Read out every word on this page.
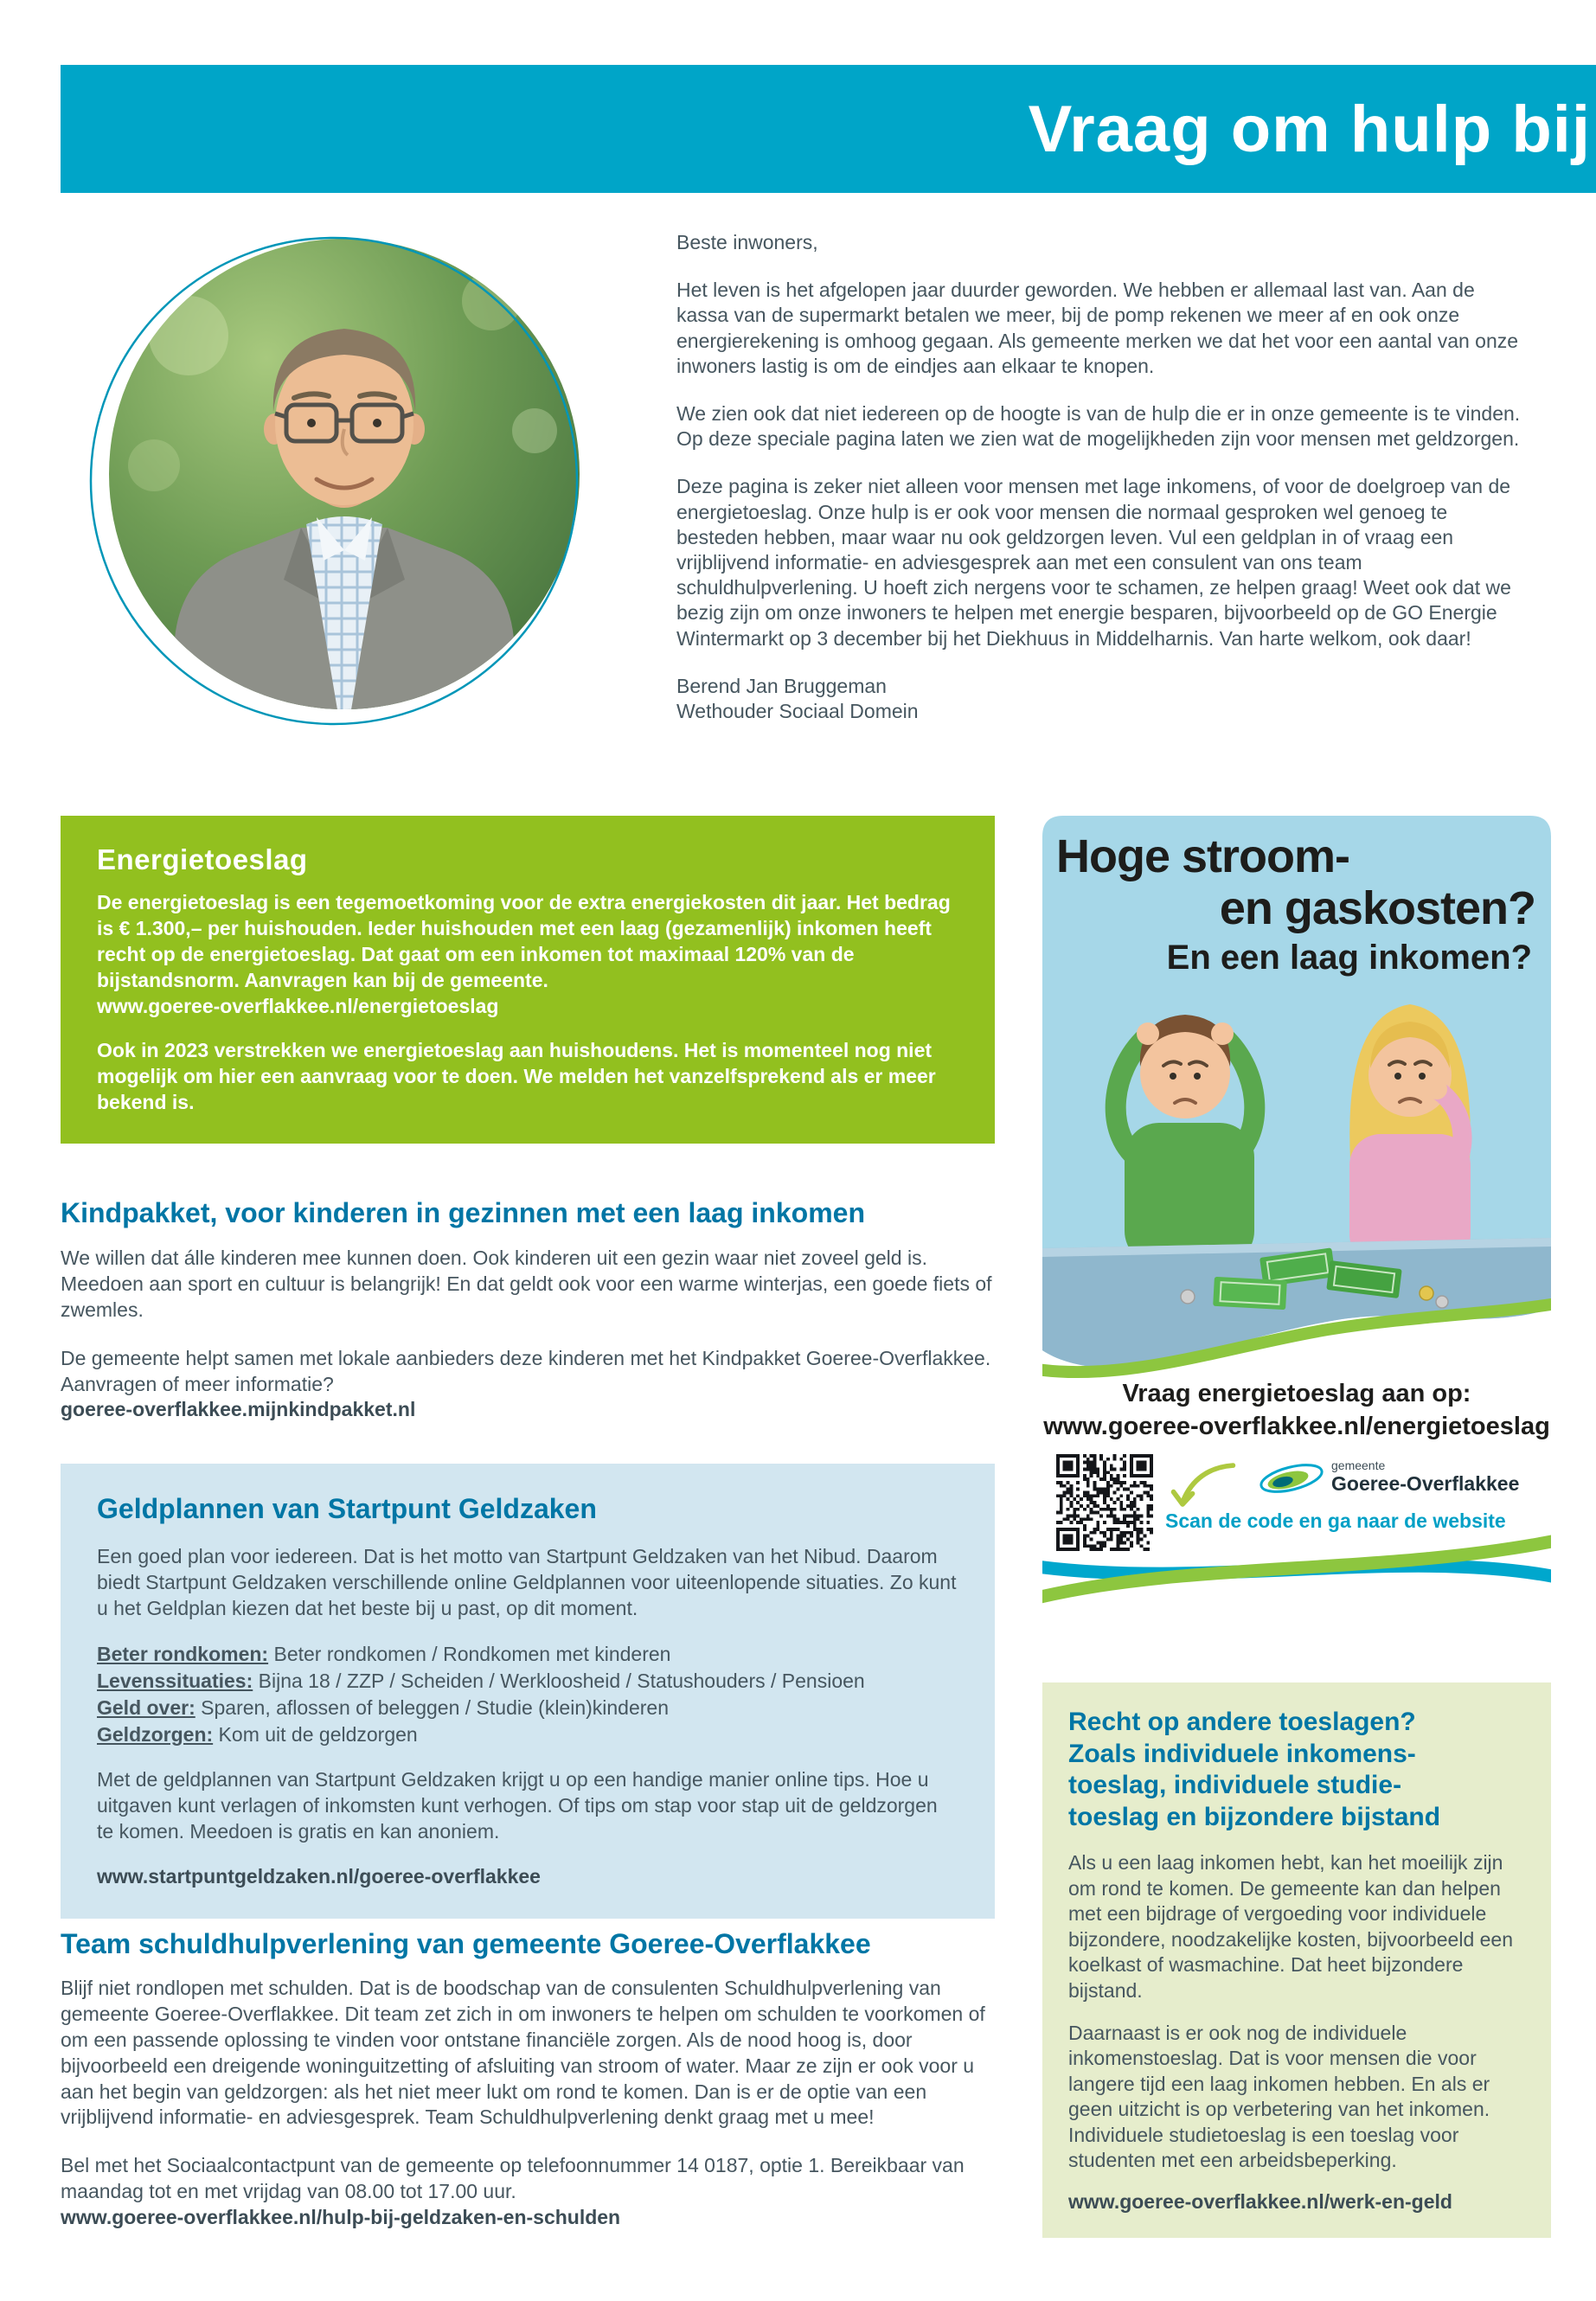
Vraag om hulp bij

Beste inwoners,

Het leven is het afgelopen jaar duurder geworden. We hebben er allemaal last van. Aan de kassa van de supermarkt betalen we meer, bij de pomp rekenen we meer af en ook onze energierekening is omhoog gegaan. Als gemeente merken we dat het voor een aantal van onze inwoners lastig is om de eindjes aan elkaar te knopen.

We zien ook dat niet iedereen op de hoogte is van de hulp die er in onze gemeente is te vinden. Op deze speciale pagina laten we zien wat de mogelijkheden zijn voor mensen met geldzorgen.

Deze pagina is zeker niet alleen voor mensen met lage inkomens, of voor de doelgroep van de energietoeslag. Onze hulp is er ook voor mensen die normaal gesproken wel genoeg te besteden hebben, maar waar nu ook geldzorgen leven. Vul een geldplan in of vraag een vrijblijvend informatie- en adviesgesprek aan met een consulent van ons team schuldhulpverlening. U hoeft zich nergens voor te schamen, ze helpen graag! Weet ook dat we bezig zijn om onze inwoners te helpen met energie besparen, bijvoorbeeld op de GO Energie Wintermarkt op 3 december bij het Diekhuus in Middelharnis. Van harte welkom, ook daar!

Berend Jan Bruggeman
Wethouder Sociaal Domein
Energietoeslag

De energietoeslag is een tegemoetkoming voor de extra energiekosten dit jaar. Het bedrag is € 1.300,– per huishouden. Ieder huishouden met een laag (gezamenlijk) inkomen heeft recht op de energietoeslag. Dat gaat om een inkomen tot maximaal 120% van de bijstandsnorm. Aanvragen kan bij de gemeente.

www.goeree-overflakkee.nl/energietoeslag

Ook in 2023 verstrekken we energietoeslag aan huishoudens. Het is momenteel nog niet mogelijk om hier een aanvraag voor te doen. We melden het vanzelfsprekend als er meer bekend is.

Hoge stroom-
en gaskosten?
En een laag inkomen?
Vraag energietoeslag aan op:
www.goeree-overflakkee.nl/energietoeslag
gemeente
Goeree-Overflakkee
Scan de code en ga naar de website
Kindpakket, voor kinderen in gezinnen met een laag inkomen

We willen dat álle kinderen mee kunnen doen. Ook kinderen uit een gezin waar niet zoveel geld is. Meedoen aan sport en cultuur is belangrijk! En dat geldt ook voor een warme winterjas, een goede fiets of zwemles.

De gemeente helpt samen met lokale aanbieders deze kinderen met het Kindpakket Goeree-Overflakkee. Aanvragen of meer informatie?

goeree-overflakkee.mijnkindpakket.nl
Geldplannen van Startpunt Geldzaken

Een goed plan voor iedereen. Dat is het motto van Startpunt Geldzaken van het Nibud. Daarom biedt Startpunt Geldzaken verschillende online Geldplannen voor uiteenlopende situaties. Zo kunt u het Geldplan kiezen dat het beste bij u past, op dit moment.

Beter rondkomen: Beter rondkomen / Rondkomen met kinderen
Levenssituaties: Bijna 18 / ZZP / Scheiden / Werkloosheid / Statushouders / Pensioen
Geld over: Sparen, aflossen of beleggen / Studie (klein)kinderen
Geldzorgen: Kom uit de geldzorgen

Met de geldplannen van Startpunt Geldzaken krijgt u op een handige manier online tips. Hoe u uitgaven kunt verlagen of inkomsten kunt verhogen. Of tips om stap voor stap uit de geldzorgen te komen. Meedoen is gratis en kan anoniem.

www.startpuntgeldzaken.nl/goeree-overflakkee
Team schuldhulpverlening van gemeente Goeree-Overflakkee

Blijf niet rondlopen met schulden. Dat is de boodschap van de consulenten Schuldhulpverlening van gemeente Goeree-Overflakkee. Dit team zet zich in om inwoners te helpen om schulden te voorkomen of om een passende oplossing te vinden voor ontstane financiële zorgen. Als de nood hoog is, door bijvoorbeeld een dreigende woninguitzetting of afsluiting van stroom of water. Maar ze zijn er ook voor u aan het begin van geldzorgen: als het niet meer lukt om rond te komen. Dan is er de optie van een vrijblijvend informatie- en adviesgesprek. Team Schuldhulpverlening denkt graag met u mee!

Bel met het Sociaalcontactpunt van de gemeente op telefoonnummer 14 0187, optie 1. Bereikbaar van maandag tot en met vrijdag van 08.00 tot 17.00 uur.

www.goeree-overflakkee.nl/hulp-bij-geldzaken-en-schulden
Recht op andere toeslagen?
Zoals individuele inkomens-
toeslag, individuele studie-
toeslag en bijzondere bijstand

Als u een laag inkomen hebt, kan het moeilijk zijn om rond te komen. De gemeente kan dan helpen met een bijdrage of vergoeding voor individuele bijzondere, noodzakelijke kosten, bijvoorbeeld een koelkast of wasmachine. Dat heet bijzondere bijstand.

Daarnaast is er ook nog de individuele inkomenstoeslag. Dat is voor mensen die voor langere tijd een laag inkomen hebben. En als er geen uitzicht is op verbetering van het inkomen. Individuele studietoeslag is een toeslag voor studenten met een arbeidsbeperking.

www.goeree-overflakkee.nl/werk-en-geld
